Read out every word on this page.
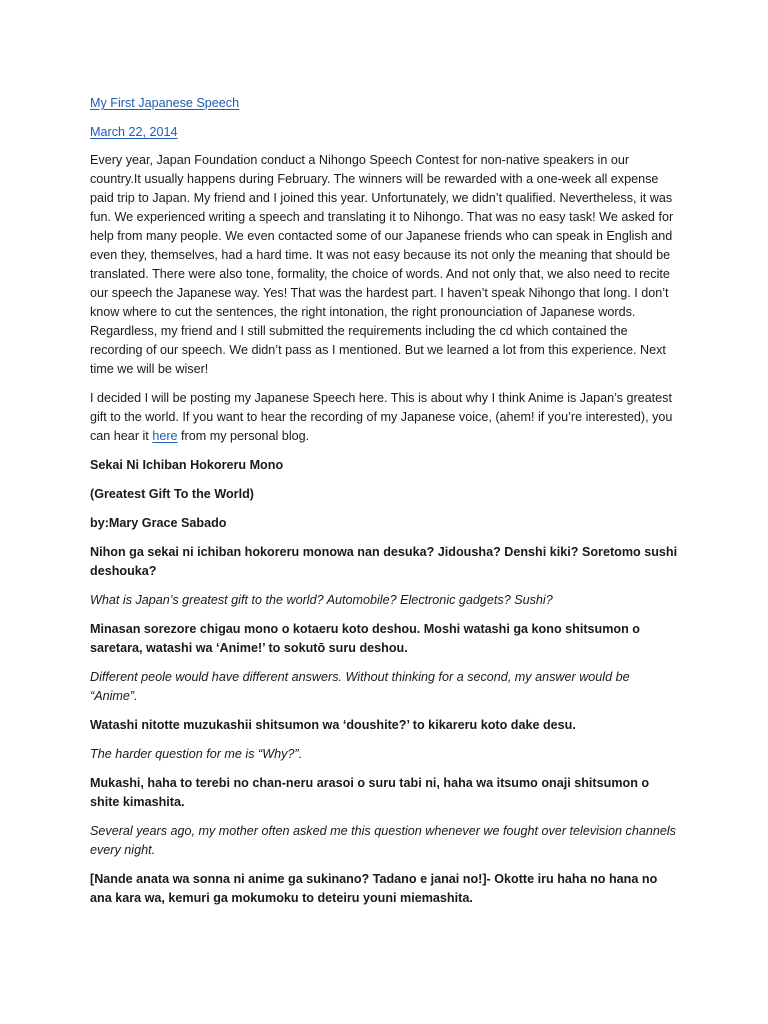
My First Japanese Speech
March 22, 2014

Every year, Japan Foundation conduct a Nihongo Speech Contest for non-native speakers in our country.It usually happens during February. The winners will be rewarded with a one-week all expense paid trip to Japan. My friend and I joined this year. Unfortunately, we didn’t qualified. Nevertheless, it was fun. We experienced writing a speech and translating it to Nihongo. That was no easy task! We asked for help from many people. We even contacted some of our Japanese friends who can speak in English and even they, themselves, had a hard time. It was not easy because its not only the meaning that should be translated. There were also tone, formality, the choice of words. And not only that, we also need to recite our speech the Japanese way. Yes! That was the hardest part. I haven’t speak Nihongo that long. I don’t know where to cut the sentences, the right intonation, the right pronounciation of Japanese words. Regardless, my friend and I still submitted the requirements including the cd which contained the recording of our speech. We didn’t pass as I mentioned. But we learned a lot from this experience. Next time we will be wiser!

I decided I will be posting my Japanese Speech here. This is about why I think Anime is Japan’s greatest gift to the world. If you want to hear the recording of my Japanese voice, (ahem! if you’re interested), you can hear it here from my personal blog.

Sekai Ni Ichiban Hokoreru Mono

(Greatest Gift To the World)

by:Mary Grace Sabado

Nihon ga sekai ni ichiban hokoreru monowa nan desuka? Jidousha? Denshi kiki? Soretomo sushi deshouka?

What is Japan’s greatest gift to the world? Automobile? Electronic gadgets? Sushi?

Minasan sorezore chigau mono o kotaeru koto deshou. Moshi watashi ga kono shitsumon o saretara, watashi wa ‘Anime!’ to sokutō suru deshou.

Different peole would have different answers. Without thinking for a second, my answer would be “Anime”.

Watashi nitotte muzukashii shitsumon wa ‘doushite?’ to kikareru koto dake desu.

The harder question for me is “Why?”.

Mukashi, haha to terebi no chan-neru arasoi o suru tabi ni, haha wa itsumo onaji shitsumon o shite kimashita.

Several years ago, my mother often asked me this question whenever we fought over television channels every night.

[Nande anata wa sonna ni anime ga sukinano? Tadano e janai no!]- Okotte iru haha no hana no ana kara wa, kemuri ga mokumoku to deteiru youni miemashita.
